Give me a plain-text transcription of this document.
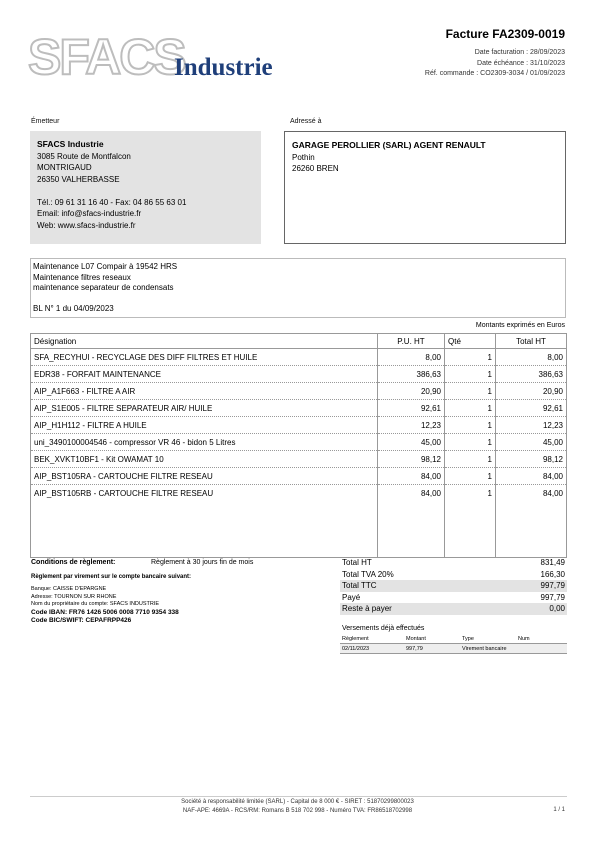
SFACS
Industrie
Facture FA2309-0019
Date facturation : 28/09/2023
Date échéance : 31/10/2023
Réf. commande : CO2309-3034 / 01/09/2023
Émetteur
SFACS Industrie
3085 Route de Montfalcon
MONTRIGAUD
26350 VALHERBASSE
Tél.: 09 61 31 16 40 - Fax: 04 86 55 63 01
Email: info@sfacs-industrie.fr
Web: www.sfacs-industrie.fr
Adressé à
GARAGE PEROLLIER (SARL) AGENT RENAULT
Pothin
26260 BREN
Maintenance L07 Compair à 19542 HRS
Maintenance filtres reseaux
maintenance separateur de condensats
BL N° 1 du 04/09/2023
Montants exprimés en Euros
Désignation	P.U. HT	Qté	Total HT
SFA_RECYHUI - RECYCLAGE DES DIFF FILTRES ET HUILE	8,00	1	8,00
EDR38 - FORFAIT MAINTENANCE	386,63	1	386,63
AIP_A1F663 - FILTRE A AIR	20,90	1	20,90
AIP_S1E005 - FILTRE SEPARATEUR AIR/ HUILE	92,61	1	92,61
AIP_H1H112 - FILTRE A HUILE	12,23	1	12,23
uni_3490100004546 - compressor VR 46 - bidon 5 Litres	45,00	1	45,00
BEK_XVKT10BF1 - Kit OWAMAT 10	98,12	1	98,12
AIP_BST105RA - CARTOUCHE FILTRE RESEAU	84,00	1	84,00
AIP_BST105RB - CARTOUCHE FILTRE RESEAU	84,00	1	84,00

Conditions de règlement:	Règlement à 30 jours fin de mois
Règlement par virement sur le compte bancaire suivant:
Banque: CAISSE D'EPARGNE
Adresse: TOURNON SUR RHONE
Nom du propriétaire du compte: SFACS INDUSTRIE
Code IBAN: FR76 1426 5006 0008 7710 9354 338
Code BIC/SWIFT: CEPAFRPP426
Total HT	831,49
Total TVA 20%	166,30
Total TTC	997,79
Payé	997,79
Reste à payer	0,00
Versements déjà effectués
Règlement	Montant	Type	Num
02/11/2023	997,79	Virement bancaire	
Société à responsabilité limitée (SARL) - Capital de 8 000 € - SIRET : 51870299800023
NAF-APE: 4669A - RCS/RM: Romans B 518 702 998 - Numéro TVA: FR86518702998	1 / 1
